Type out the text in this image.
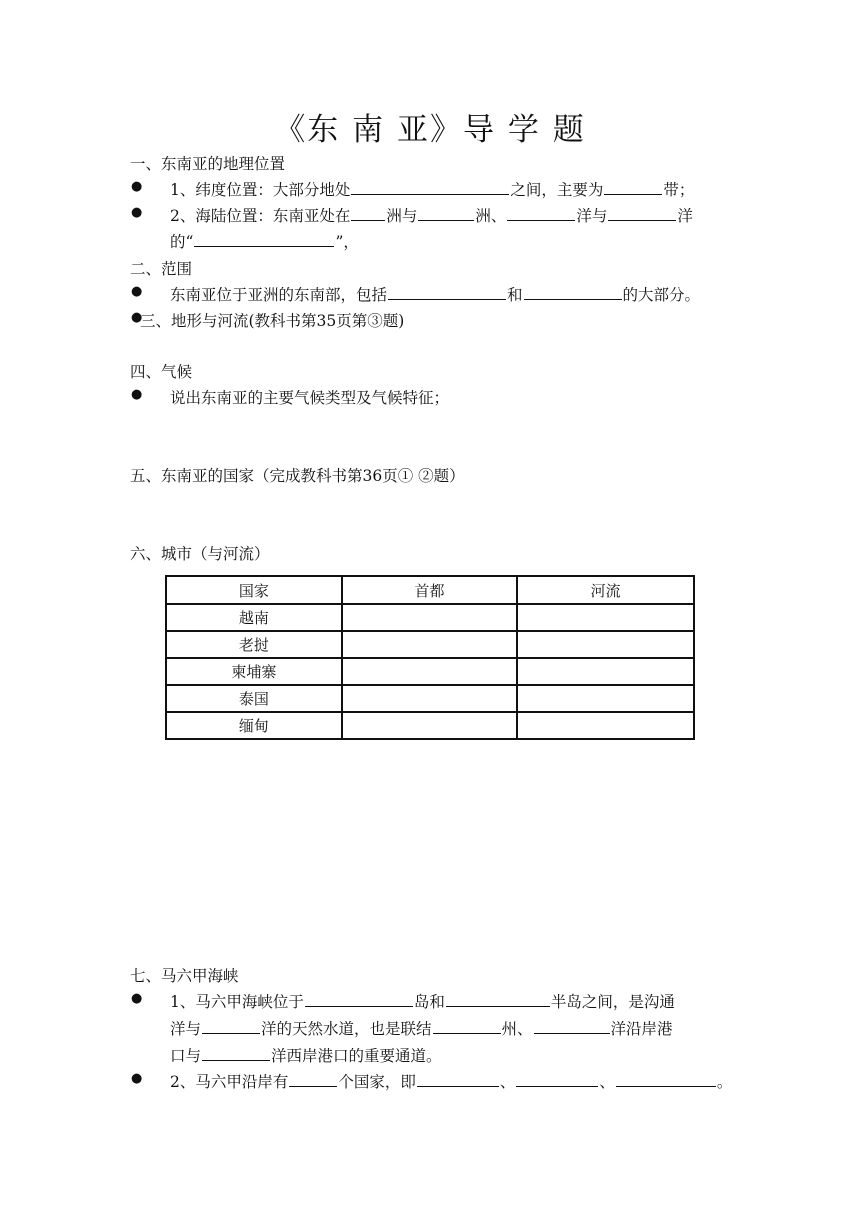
《东 南 亚》导 学 题
一、东南亚的地理位置
● 1、纬度位置：大部分地处	之间，主要为	带；
● 2、海陆位置：东南亚处在 洲与	洲、	洋与	洋
的“	”，
二、范围
● 东南亚位于亚洲的东南部，包括	和	的大部分。
●
三、地形与河流(教科书第35页第③题)
四、气候
● 说出东南亚的主要气候类型及气候特征；
五、东南亚的国家（完成教科书第36页① ②题）
六、城市（与河流）
国家	首都	河流
越南		
老挝		
柬埔寨		
泰国		
缅甸		
七、马六甲海峡
● 1、马六甲海峡位于	岛和	半岛之间，是沟通
洋与	洋的天然水道，也是联结	州、	洋沿岸港
口与	洋西岸港口的重要通道。
● 2、马六甲沿岸有	个国家，即	、	、	。
